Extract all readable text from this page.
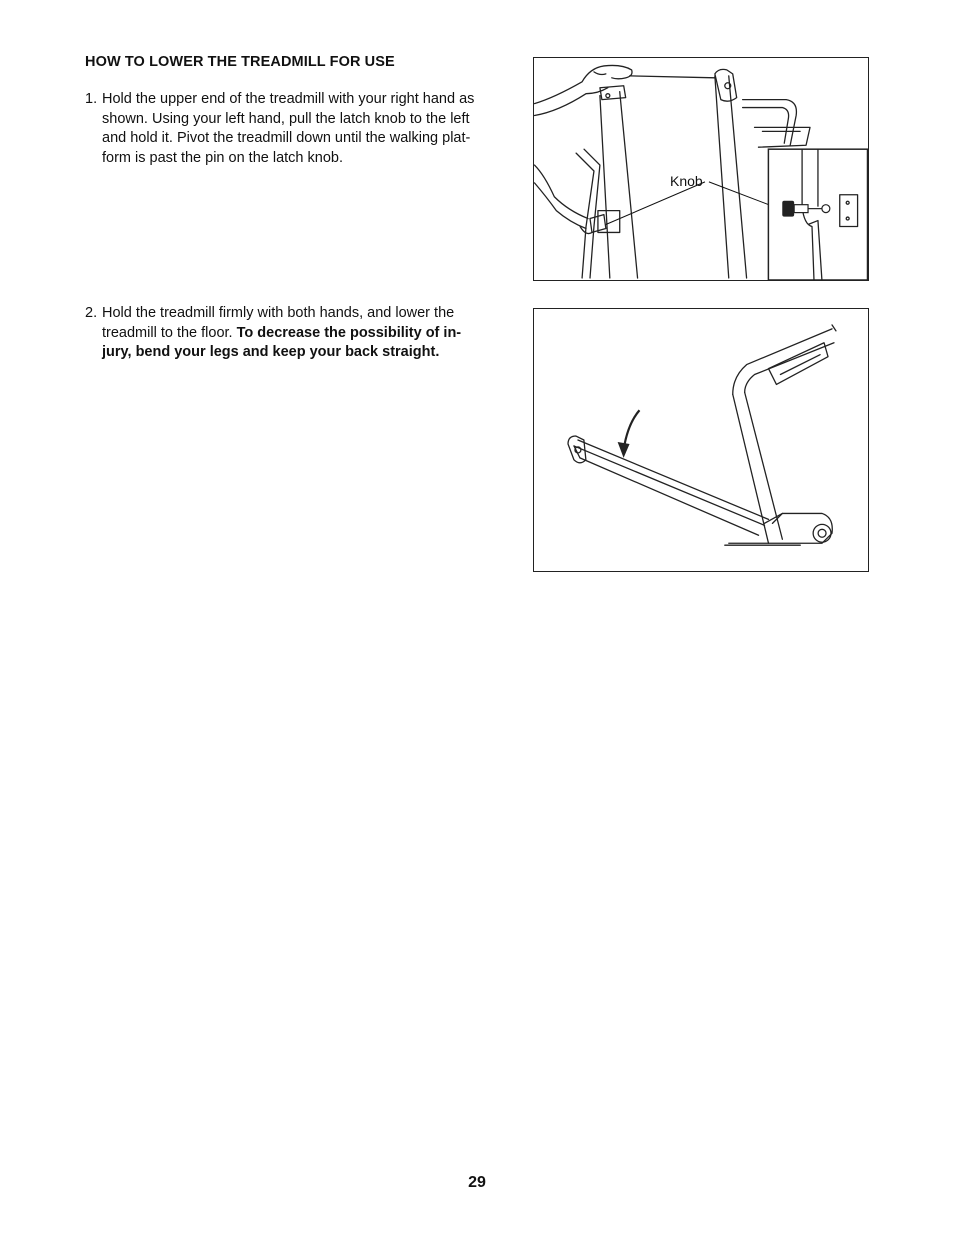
HOW TO LOWER THE TREADMILL FOR USE
1. Hold the upper end of the treadmill with your right hand as
shown. Using your left hand, pull the latch knob to the left
and hold it. Pivot the treadmill down until the walking plat-
form is past the pin on the latch knob.
2. Hold the treadmill firmly with both hands, and lower the
treadmill to the floor. To decrease the possibility of in-
jury, bend your legs and keep your back straight.
Knob
29
